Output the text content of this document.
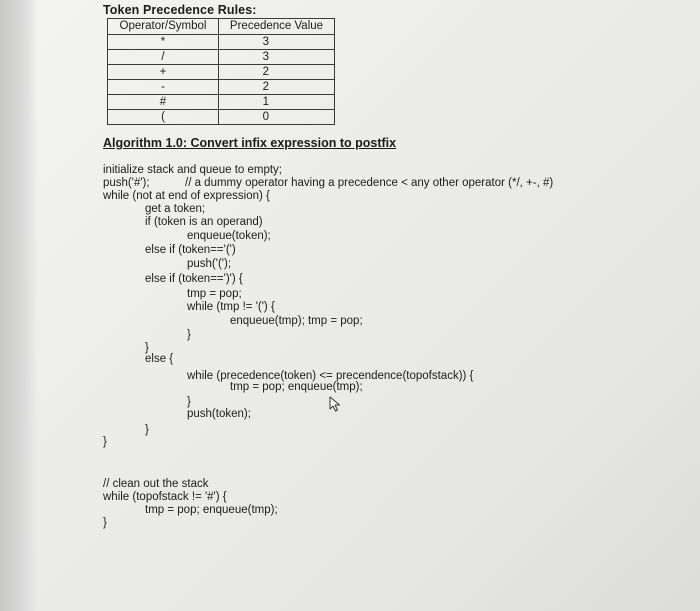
Token Precedence Rules:
Operator/Symbol	Precedence Value
*	3
/	3
+	2
-	2
#	1
(	0
Algorithm 1.0: Convert infix expression to postfix

initialize stack and queue to empty;

push('#');	// a dummy operator having a precedence < any other operator (*/, +-, #)

while (not at end of expression) {

get a token;

if (token is an operand)

enqueue(token);

else if (token=='(')

push('(');

else if (token==')') {

tmp = pop;

while (tmp != '(') {

enqueue(tmp); tmp = pop;

}

}

else {

while (precedence(token) <= precendence(topofstack)) {

tmp = pop; enqueue(tmp);

}

push(token);

}

}

// clean out the stack

while (topofstack != '#') {

tmp = pop; enqueue(tmp);

}
